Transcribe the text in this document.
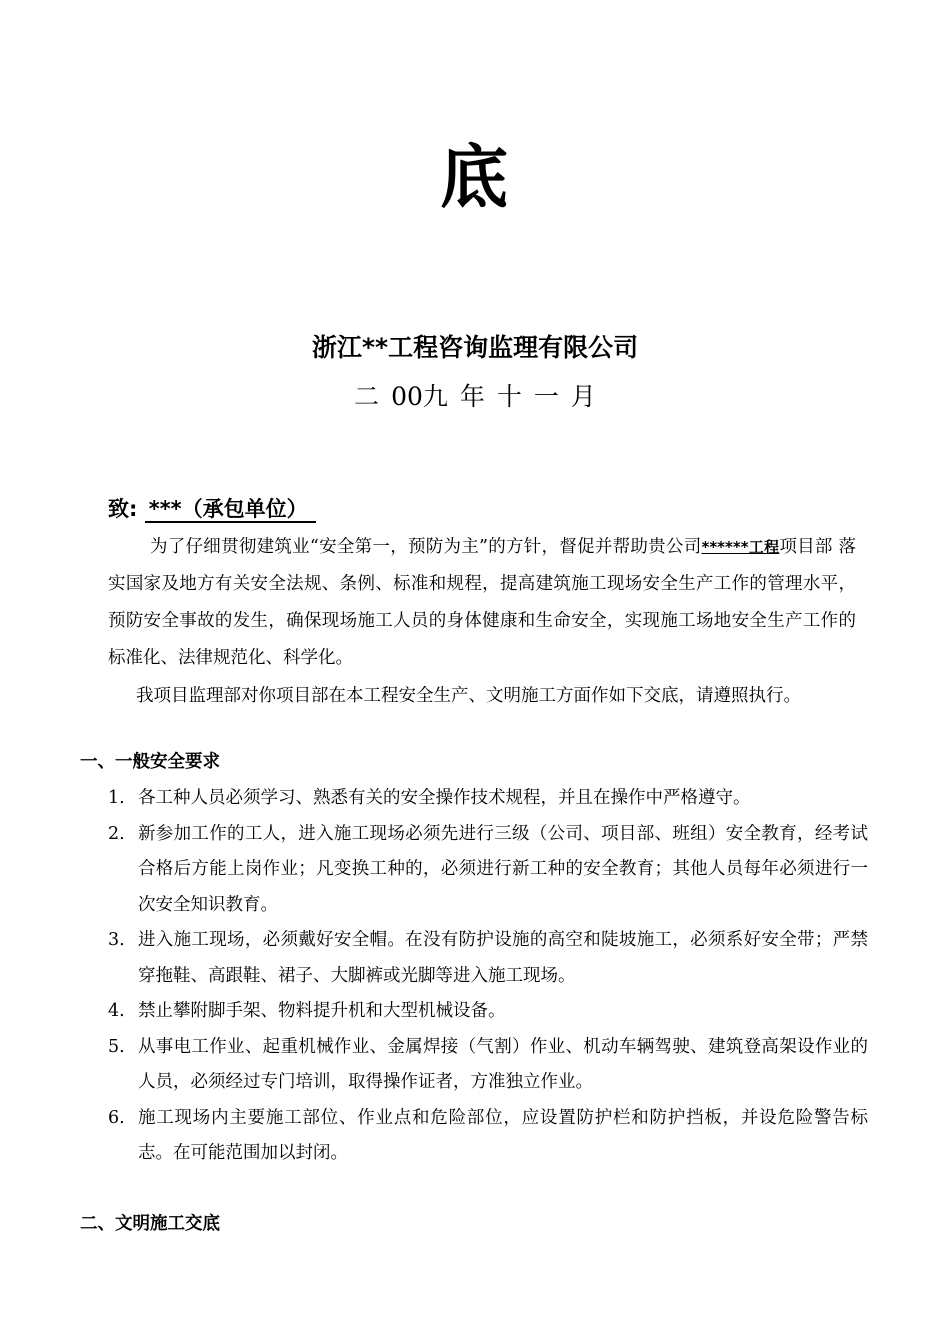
底
浙江**工程咨询监理有限公司
二 00九 年 十 一 月
致: ***（承包单位）
为了仔细贯彻建筑业“安全第一，预防为主”的方针，督促并帮助贵公司******工程项目部 落实国家及地方有关安全法规、条例、标准和规程，提高建筑施工现场安全生产工作的管理水平，预防安全事故的发生，确保现场施工人员的身体健康和生命安全，实现施工场地安全生产工作的标准化、法律规范化、科学化。
我项目监理部对你项目部在本工程安全生产、文明施工方面作如下交底，请遵照执行。
一、一般安全要求
1. 各工种人员必须学习、熟悉有关的安全操作技术规程，并且在操作中严格遵守。
2. 新参加工作的工人，进入施工现场必须先进行三级（公司、项目部、班组）安全教育，经考试合格后方能上岗作业；凡变换工种的，必须进行新工种的安全教育；其他人员每年必须进行一次安全知识教育。
3. 进入施工现场，必须戴好安全帽。在没有防护设施的高空和陡坡施工，必须系好安全带；严禁穿拖鞋、高跟鞋、裙子、大脚裤或光脚等进入施工现场。
4. 禁止攀附脚手架、物料提升机和大型机械设备。
5. 从事电工作业、起重机械作业、金属焊接（气割）作业、机动车辆驾驶、建筑登高架设作业的人员，必须经过专门培训，取得操作证者，方准独立作业。
6. 施工现场内主要施工部位、作业点和危险部位，应设置防护栏和防护挡板，并设危险警告标志。在可能范围加以封闭。
二、文明施工交底
